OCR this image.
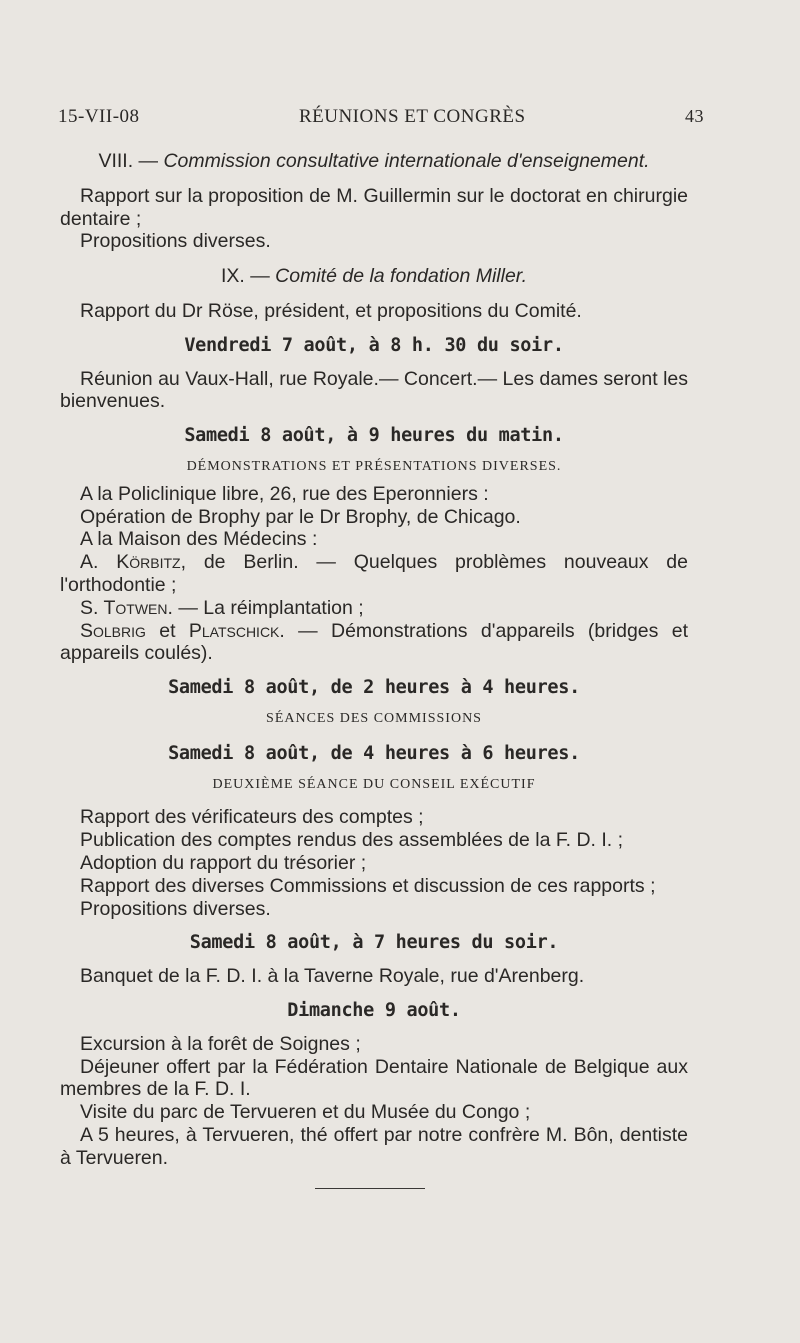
15-VII-08	RÉUNIONS ET CONGRÈS	43

VIII. — Commission consultative internationale d'enseignement.

Rapport sur la proposition de M. Guillermin sur le doctorat en chirurgie dentaire ;

Propositions diverses.

IX. — Comité de la fondation Miller.

Rapport du Dr Röse, président, et propositions du Comité.

Vendredi 7 août, à 8 h. 30 du soir.

Réunion au Vaux-Hall, rue Royale.— Concert.— Les dames seront les bienvenues.

Samedi 8 août, à 9 heures du matin.

DÉMONSTRATIONS ET PRÉSENTATIONS DIVERSES.

A la Policlinique libre, 26, rue des Eperonniers :

Opération de Brophy par le Dr Brophy, de Chicago.

A la Maison des Médecins :

A. Körbitz, de Berlin. — Quelques problèmes nouveaux de l'orthodontie ;

S. Totwen. — La réimplantation ;

Solbrig et Platschick. — Démonstrations d'appareils (bridges et appareils coulés).

Samedi 8 août, de 2 heures à 4 heures.

SÉANCES DES COMMISSIONS

Samedi 8 août, de 4 heures à 6 heures.

DEUXIÈME SÉANCE DU CONSEIL EXÉCUTIF

Rapport des vérificateurs des comptes ;

Publication des comptes rendus des assemblées de la F. D. I. ;

Adoption du rapport du trésorier ;

Rapport des diverses Commissions et discussion de ces rapports ;

Propositions diverses.

Samedi 8 août, à 7 heures du soir.

Banquet de la F. D. I. à la Taverne Royale, rue d'Arenberg.

Dimanche 9 août.

Excursion à la forêt de Soignes ;

Déjeuner offert par la Fédération Dentaire Nationale de Belgique aux membres de la F. D. I.

Visite du parc de Tervueren et du Musée du Congo ;

A 5 heures, à Tervueren, thé offert par notre confrère M. Bôn, dentiste à Tervueren.
